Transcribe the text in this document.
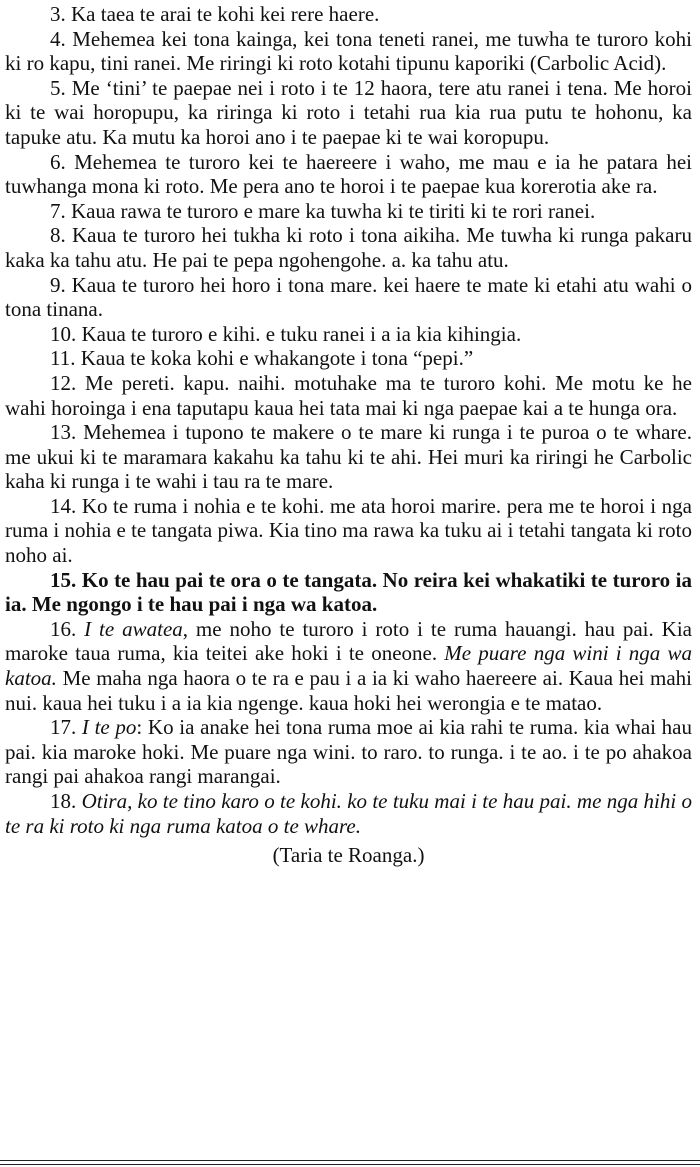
3. Ka taea te arai te kohi kei rere haere.

4. Mehemea kei tona kainga, kei tona teneti ranei, me tuwha te turoro kohi ki ro kapu, tini ranei. Me riringi ki roto kotahi tipunu kaporiki (Carbolic Acid).

5. Me ‘tini’ te paepae nei i roto i te 12 haora, tere atu ranei i tena. Me horoi ki te wai horopupu, ka riringa ki roto i tetahi rua kia rua putu te hohonu, ka tapuke atu. Ka mutu ka horoi ano i te paepae ki te wai koropupu.

6. Mehemea te turoro kei te haereere i waho, me mau e ia he patara hei tuwhanga mona ki roto. Me pera ano te horoi i te paepae kua korerotia ake ra.

7. Kaua rawa te turoro e mare ka tuwha ki te tiriti ki te rori ranei.

8. Kaua te turoro hei tukha ki roto i tona aikiha. Me tuwha ki runga pakaru kaka ka tahu atu. He pai te pepa ngohengohe. a. ka tahu atu.

9. Kaua te turoro hei horo i tona mare. kei haere te mate ki etahi atu wahi o tona tinana.

10. Kaua te turoro e kihi. e tuku ranei i a ia kia kihingia.

11. Kaua te koka kohi e whakangote i tona “pepi.”

12. Me pereti. kapu. naihi. motuhake ma te turoro kohi. Me motu ke he wahi horoinga i ena taputapu kaua hei tata mai ki nga paepae kai a te hunga ora.

13. Mehemea i tupono te makere o te mare ki runga i te puroa o te whare. me ukui ki te maramara kakahu ka tahu ki te ahi. Hei muri ka riringi he Carbolic kaha ki runga i te wahi i tau ra te mare.

14. Ko te ruma i nohia e te kohi. me ata horoi marire. pera me te horoi i nga ruma i nohia e te tangata piwa. Kia tino ma rawa ka tuku ai i tetahi tangata ki roto noho ai.

15. Ko te hau pai te ora o te tangata. No reira kei whakatiki te turoro ia ia. Me ngongo i te hau pai i nga wa katoa.

16. I te awatea, me noho te turoro i roto i te ruma hauangi. hau pai. Kia maroke taua ruma, kia teitei ake hoki i te oneone. Me puare nga wini i nga wa katoa. Me maha nga haora o te ra e pau i a ia ki waho haereere ai. Kaua hei mahi nui. kaua hei tuku i a ia kia ngenge. kaua hoki hei werongia e te matao.

17. I te po: Ko ia anake hei tona ruma moe ai kia rahi te ruma. kia whai hau pai. kia maroke hoki. Me puare nga wini. to raro. to runga. i te ao. i te po ahakoa rangi pai ahakoa rangi marangai.

18. Otira, ko te tino karo o te kohi. ko te tuku mai i te hau pai. me nga hihi o te ra ki roto ki nga ruma katoa o te whare.

(Taria te Roanga.)
